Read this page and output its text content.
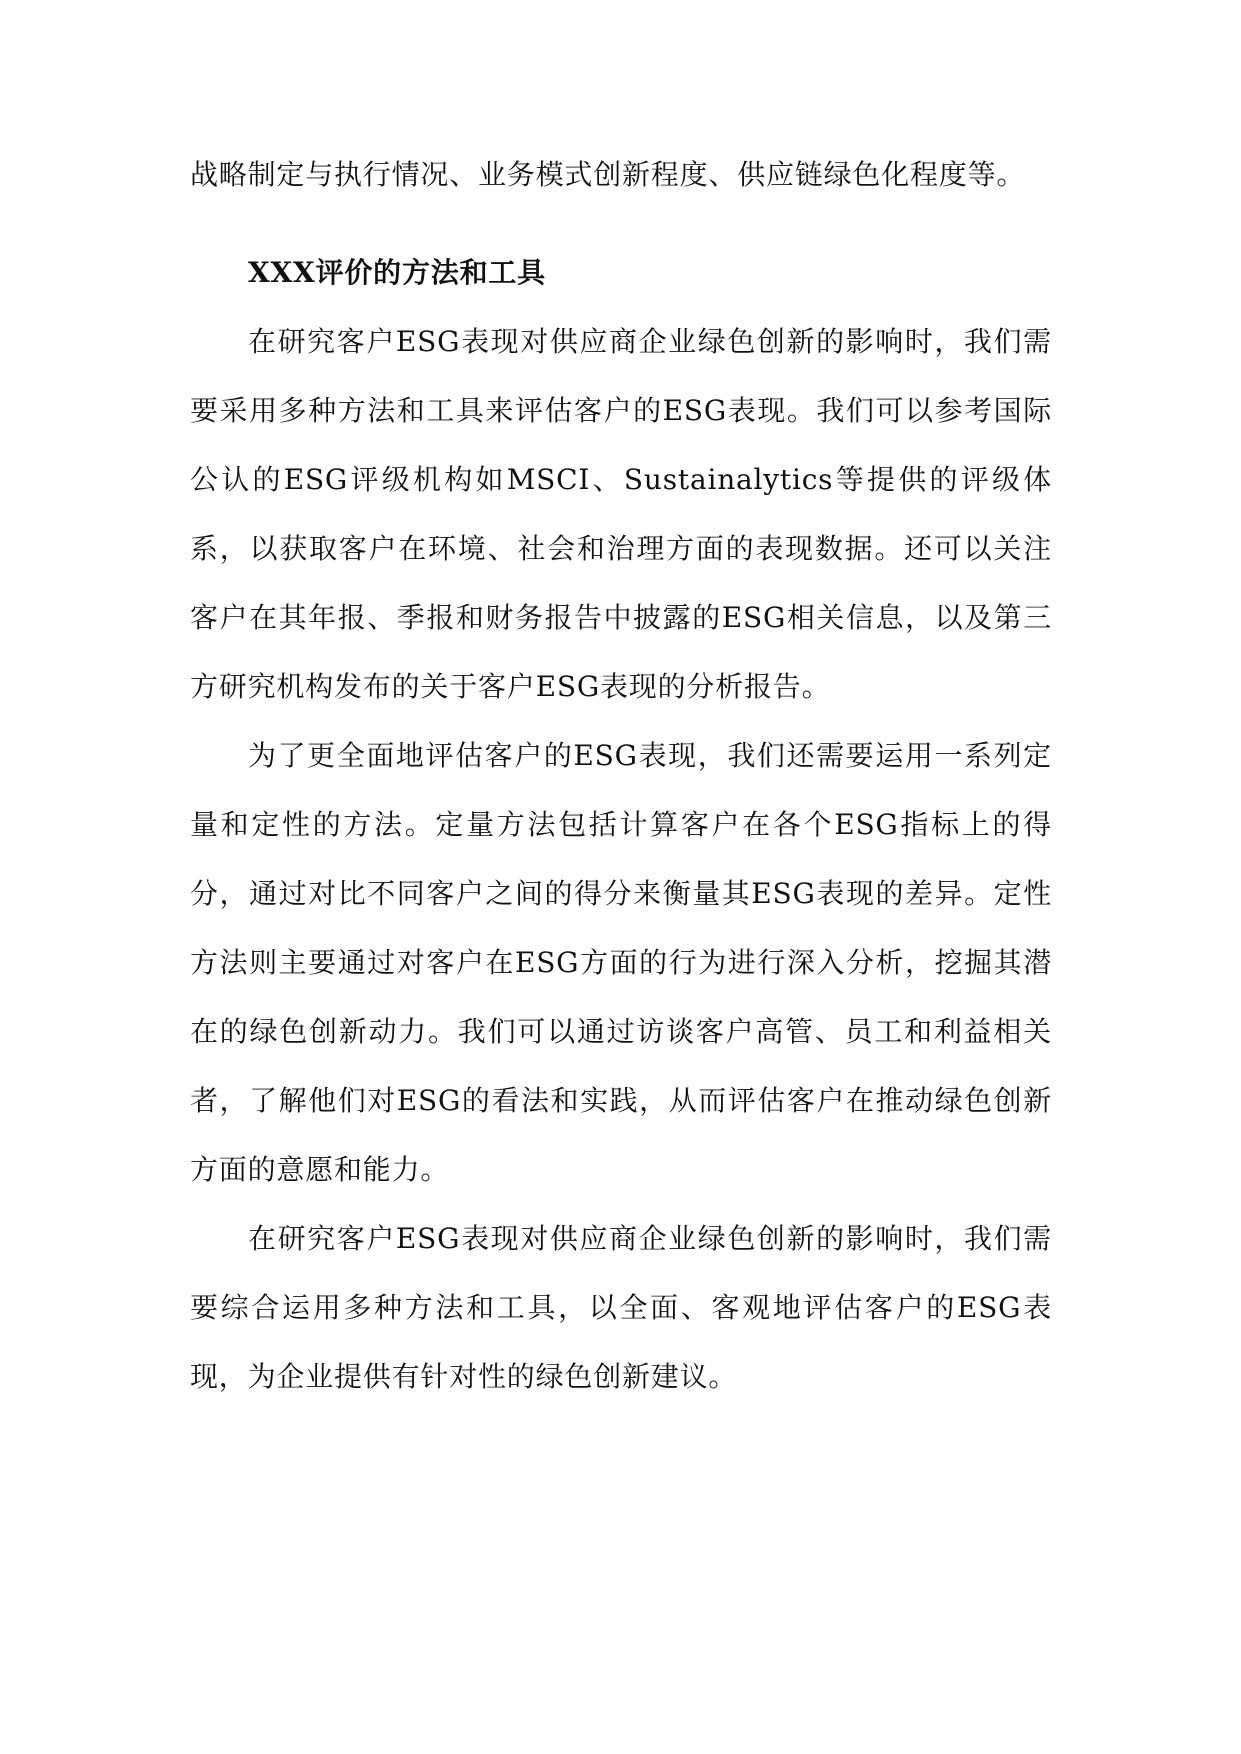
战略制定与执行情况、业务模式创新程度、供应链绿色化程度等。

XXX评价的方法和工具

在研究客户ESG表现对供应商企业绿色创新的影响时，我们需要采用多种方法和工具来评估客户的ESG表现。我们可以参考国际公认的ESG评级机构如MSCI、Sustainalytics等提供的评级体系，以获取客户在环境、社会和治理方面的表现数据。还可以关注客户在其年报、季报和财务报告中披露的ESG相关信息，以及第三方研究机构发布的关于客户ESG表现的分析报告。

为了更全面地评估客户的ESG表现，我们还需要运用一系列定量和定性的方法。定量方法包括计算客户在各个ESG指标上的得分，通过对比不同客户之间的得分来衡量其ESG表现的差异。定性方法则主要通过对客户在ESG方面的行为进行深入分析，挖掘其潜在的绿色创新动力。我们可以通过访谈客户高管、员工和利益相关者，了解他们对ESG的看法和实践，从而评估客户在推动绿色创新方面的意愿和能力。

在研究客户ESG表现对供应商企业绿色创新的影响时，我们需要综合运用多种方法和工具，以全面、客观地评估客户的ESG表现，为企业提供有针对性的绿色创新建议。
